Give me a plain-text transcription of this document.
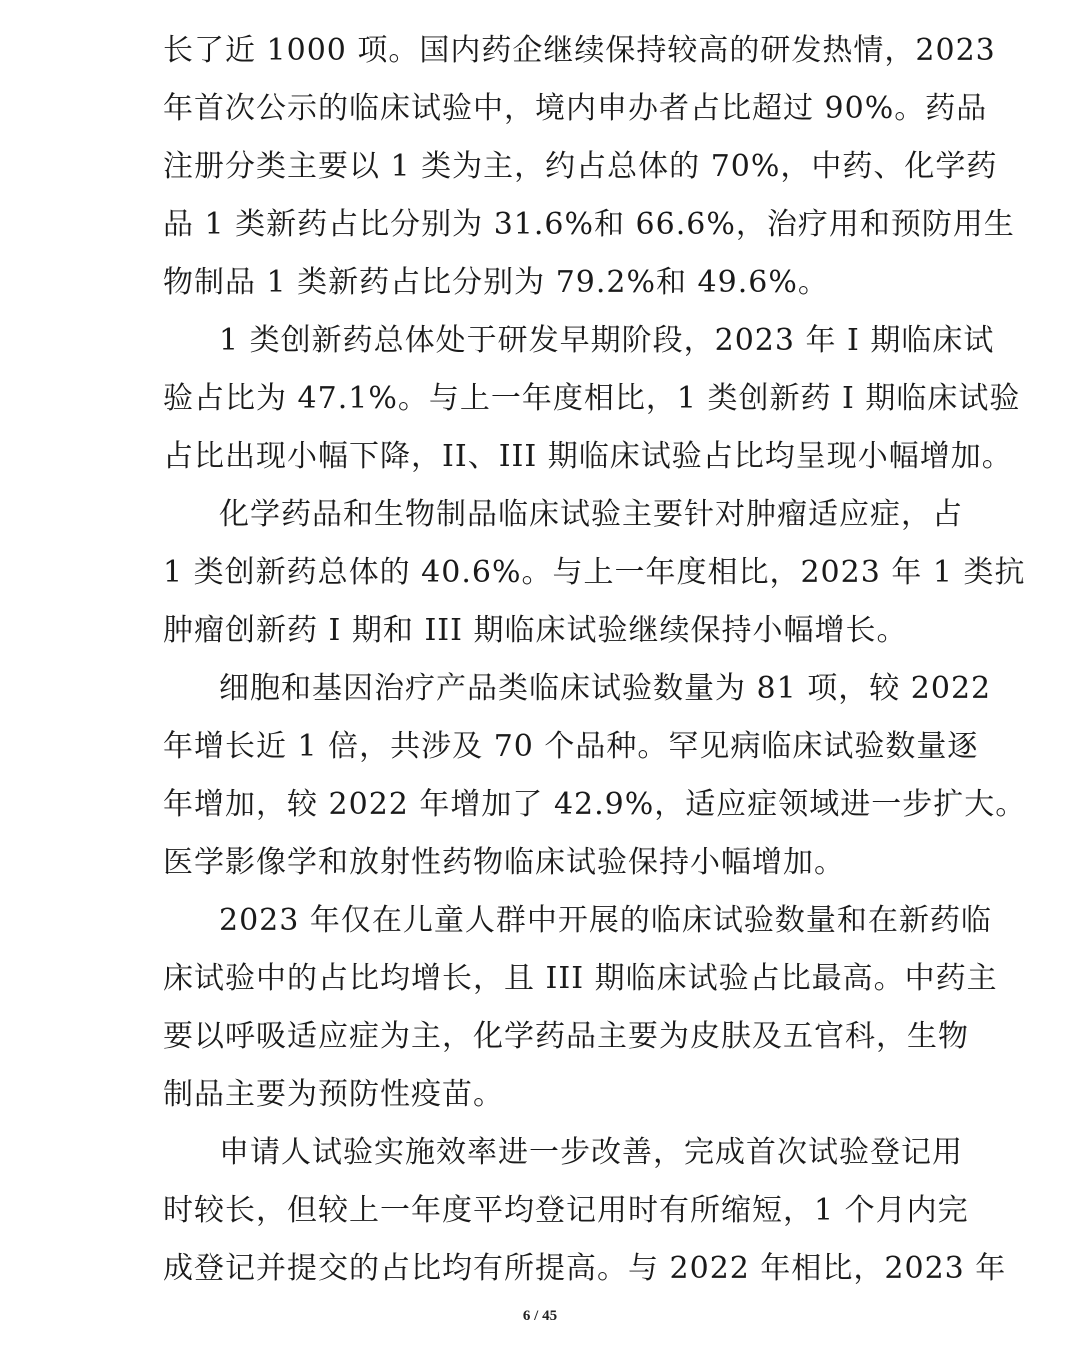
长了近 1000 项。国内药企继续保持较高的研发热情，2023
年首次公示的临床试验中，境内申办者占比超过 90%。药品
注册分类主要以 1 类为主，约占总体的 70%，中药、化学药
品 1 类新药占比分别为 31.6%和 66.6%，治疗用和预防用生
物制品 1 类新药占比分别为 79.2%和 49.6%。
1 类创新药总体处于研发早期阶段，2023 年 I 期临床试
验占比为 47.1%。与上一年度相比，1 类创新药 I 期临床试验
占比出现小幅下降，II、III 期临床试验占比均呈现小幅增加。
化学药品和生物制品临床试验主要针对肿瘤适应症，占
1 类创新药总体的 40.6%。与上一年度相比，2023 年 1 类抗
肿瘤创新药 I 期和 III 期临床试验继续保持小幅增长。
细胞和基因治疗产品类临床试验数量为 81 项，较 2022
年增长近 1 倍，共涉及 70 个品种。罕见病临床试验数量逐
年增加，较 2022 年增加了 42.9%，适应症领域进一步扩大。
医学影像学和放射性药物临床试验保持小幅增加。
2023 年仅在儿童人群中开展的临床试验数量和在新药临
床试验中的占比均增长，且 III 期临床试验占比最高。中药主
要以呼吸适应症为主，化学药品主要为皮肤及五官科，生物
制品主要为预防性疫苗。
申请人试验实施效率进一步改善，完成首次试验登记用
时较长，但较上一年度平均登记用时有所缩短，1 个月内完
成登记并提交的占比均有所提高。与 2022 年相比，2023 年
6 / 45
